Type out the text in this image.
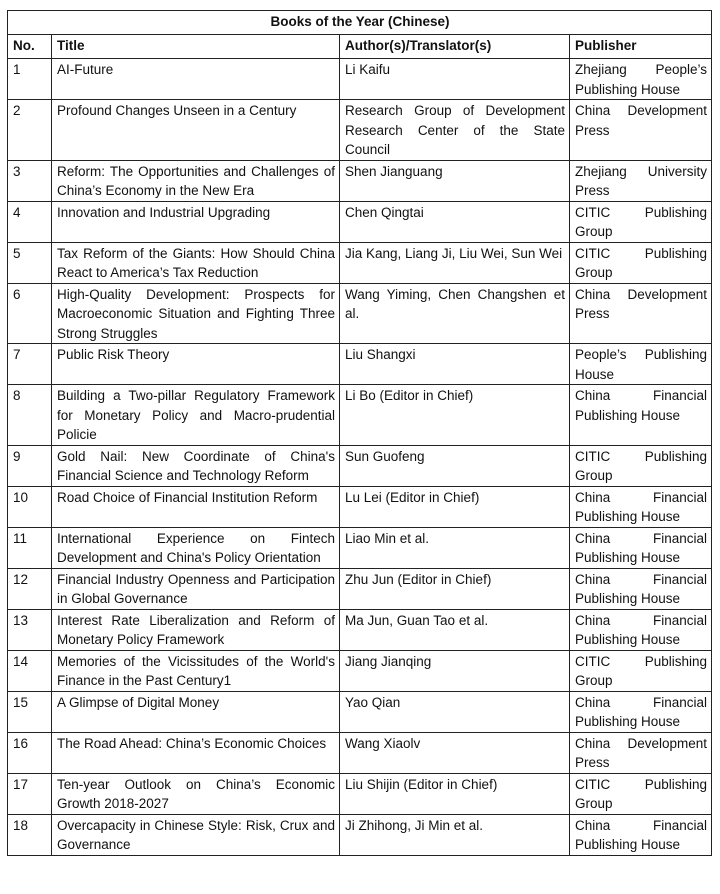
Books of the Year (Chinese)			
No.	Title	Author(s)/Translator(s)	Publisher
1	AI-Future	Li Kaifu	Zhejiang People’s Publishing House
2	Profound Changes Unseen in a Century	Research Group of Development Research Center of the State Council	China Development Press
3	Reform: The Opportunities and Challenges of China’s Economy in the New Era	Shen Jianguang	Zhejiang University Press
4	Innovation and Industrial Upgrading	Chen Qingtai	CITIC Publishing Group
5	Tax Reform of the Giants: How Should China React to America’s Tax Reduction	Jia Kang, Liang Ji, Liu Wei, Sun Wei	CITIC Publishing Group
6	High-Quality Development: Prospects for Macroeconomic Situation and Fighting Three Strong Struggles	Wang Yiming, Chen Changshen et al.	China Development Press
7	Public Risk Theory	Liu Shangxi	People’s Publishing House
8	Building a Two-pillar Regulatory Framework for Monetary Policy and Macro-prudential Policie	Li Bo (Editor in Chief)	China Financial Publishing House
9	Gold Nail: New Coordinate of China's Financial Science and Technology Reform	Sun Guofeng	CITIC Publishing Group
10	Road Choice of Financial Institution Reform	Lu Lei (Editor in Chief)	China Financial Publishing House
11	International Experience on Fintech Development and China's Policy Orientation	Liao Min et al.	China Financial Publishing House
12	Financial Industry Openness and Participation in Global Governance	Zhu Jun (Editor in Chief)	China Financial Publishing House
13	Interest Rate Liberalization and Reform of Monetary Policy Framework	Ma Jun, Guan Tao et al.	China Financial Publishing House
14	Memories of the Vicissitudes of the World's Finance in the Past Century1	Jiang Jianqing	CITIC Publishing Group
15	A Glimpse of Digital Money	Yao Qian	China Financial Publishing House
16	The Road Ahead: China’s Economic Choices	Wang Xiaolv	China Development Press
17	Ten-year Outlook on China’s Economic Growth 2018-2027	Liu Shijin (Editor in Chief)	CITIC Publishing Group
18	Overcapacity in Chinese Style: Risk, Crux and Governance	Ji Zhihong, Ji Min et al.	China Financial Publishing House
